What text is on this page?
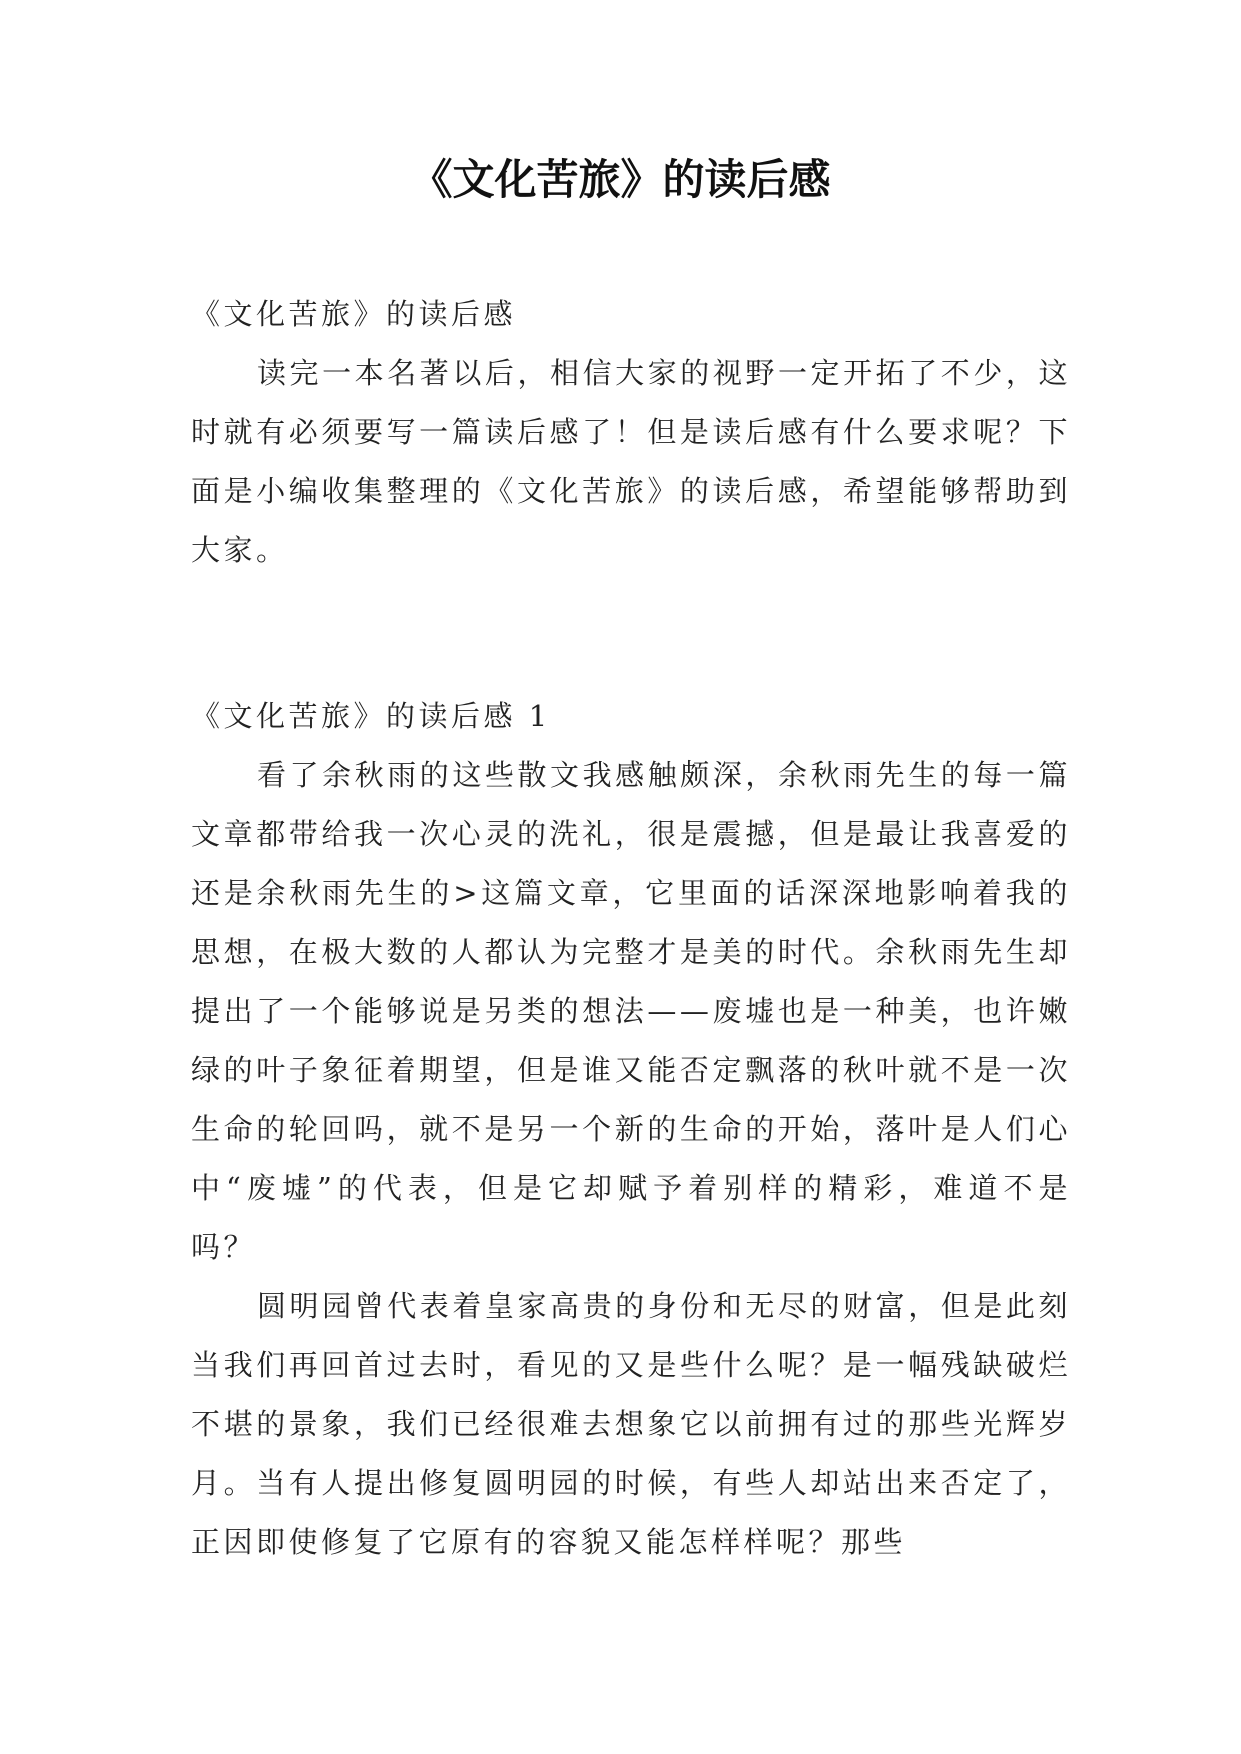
《文化苦旅》的读后感
《文化苦旅》的读后感
读完一本名著以后，相信大家的视野一定开拓了不少，这时就有必须要写一篇读后感了！但是读后感有什么要求呢？下面是小编收集整理的《文化苦旅》的读后感，希望能够帮助到大家。
《文化苦旅》的读后感 1
看了余秋雨的这些散文我感触颇深，余秋雨先生的每一篇文章都带给我一次心灵的洗礼，很是震撼，但是最让我喜爱的还是余秋雨先生的>这篇文章，它里面的话深深地影响着我的思想，在极大数的人都认为完整才是美的时代。余秋雨先生却提出了一个能够说是另类的想法——废墟也是一种美，也许嫩绿的叶子象征着期望，但是谁又能否定飘落的秋叶就不是一次生命的轮回吗，就不是另一个新的生命的开始，落叶是人们心中“废墟”的代表，但是它却赋予着别样的精彩，难道不是吗？
圆明园曾代表着皇家高贵的身份和无尽的财富，但是此刻当我们再回首过去时，看见的又是些什么呢？是一幅残缺破烂不堪的景象，我们已经很难去想象它以前拥有过的那些光辉岁月。当有人提出修复圆明园的时候，有些人却站出来否定了，正因即使修复了它原有的容貌又能怎样样呢？那些
